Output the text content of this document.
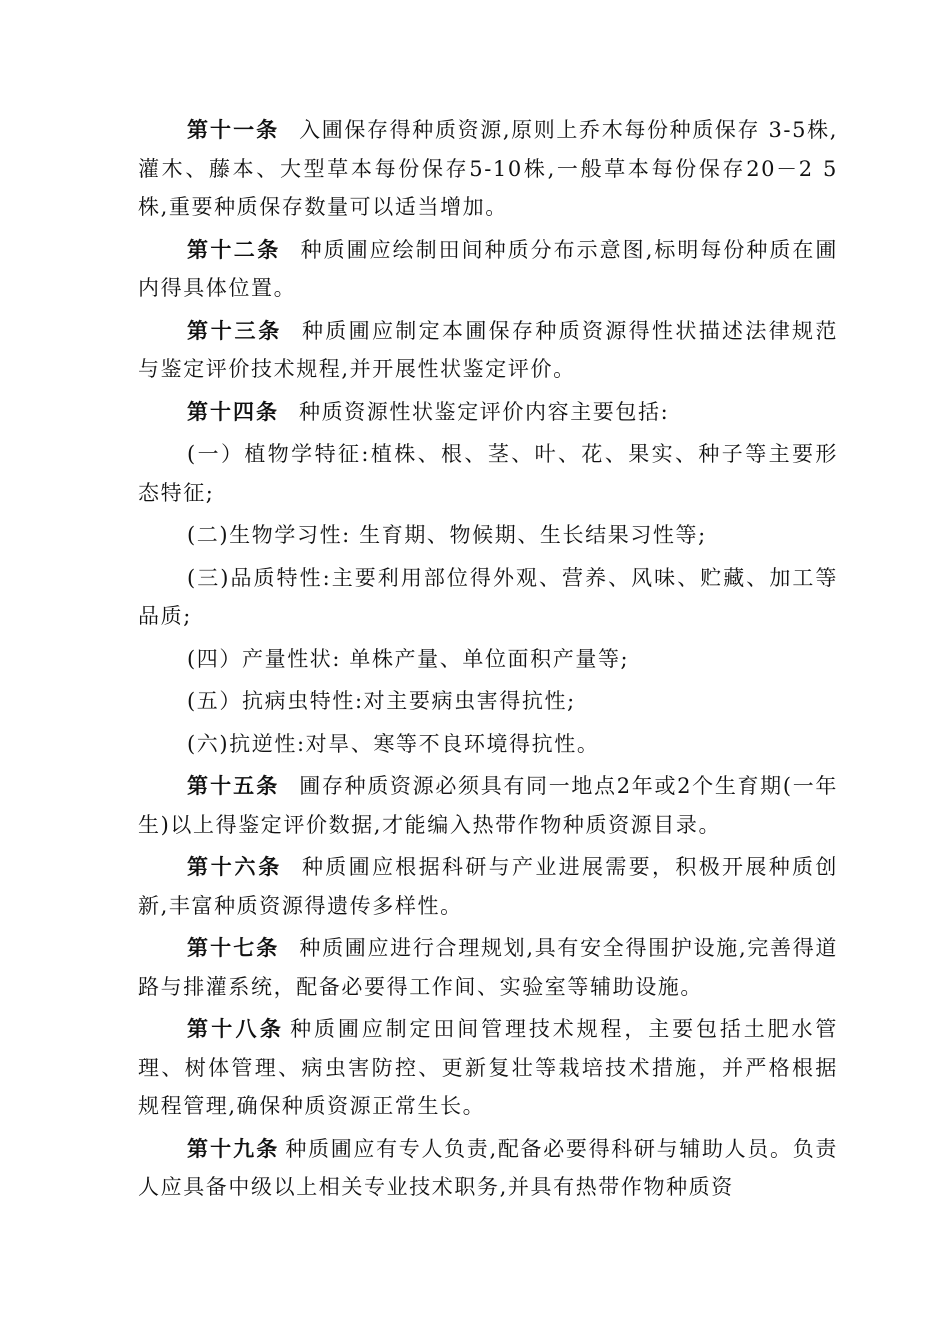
第十一条 入圃保存得种质资源,原则上乔木每份种质保存 3-5株,灌木、藤本、大型草本每份保存5-10株,一般草本每份保存20－2 5株,重要种质保存数量可以适当增加。

第十二条 种质圃应绘制田间种质分布示意图,标明每份种质在圃内得具体位置。

第十三条 种质圃应制定本圃保存种质资源得性状描述法律规范与鉴定评价技术规程,并开展性状鉴定评价。

第十四条 种质资源性状鉴定评价内容主要包括:

(一）植物学特征:植株、根、茎、叶、花、果实、种子等主要形态特征;

(二)生物学习性: 生育期、物候期、生长结果习性等;

(三)品质特性:主要利用部位得外观、营养、风味、贮藏、加工等品质;

(四）产量性状: 单株产量、单位面积产量等;

(五）抗病虫特性:对主要病虫害得抗性;

(六)抗逆性:对旱、寒等不良环境得抗性。

第十五条 圃存种质资源必须具有同一地点2年或2个生育期(一年生)以上得鉴定评价数据,才能编入热带作物种质资源目录。

第十六条 种质圃应根据科研与产业进展需要，积极开展种质创新,丰富种质资源得遗传多样性。

第十七条 种质圃应进行合理规划,具有安全得围护设施,完善得道路与排灌系统，配备必要得工作间、实验室等辅助设施。

第十八条 种质圃应制定田间管理技术规程，主要包括土肥水管理、树体管理、病虫害防控、更新复壮等栽培技术措施，并严格根据规程管理,确保种质资源正常生长。

第十九条 种质圃应有专人负责,配备必要得科研与辅助人员。负责人应具备中级以上相关专业技术职务,并具有热带作物种质资
